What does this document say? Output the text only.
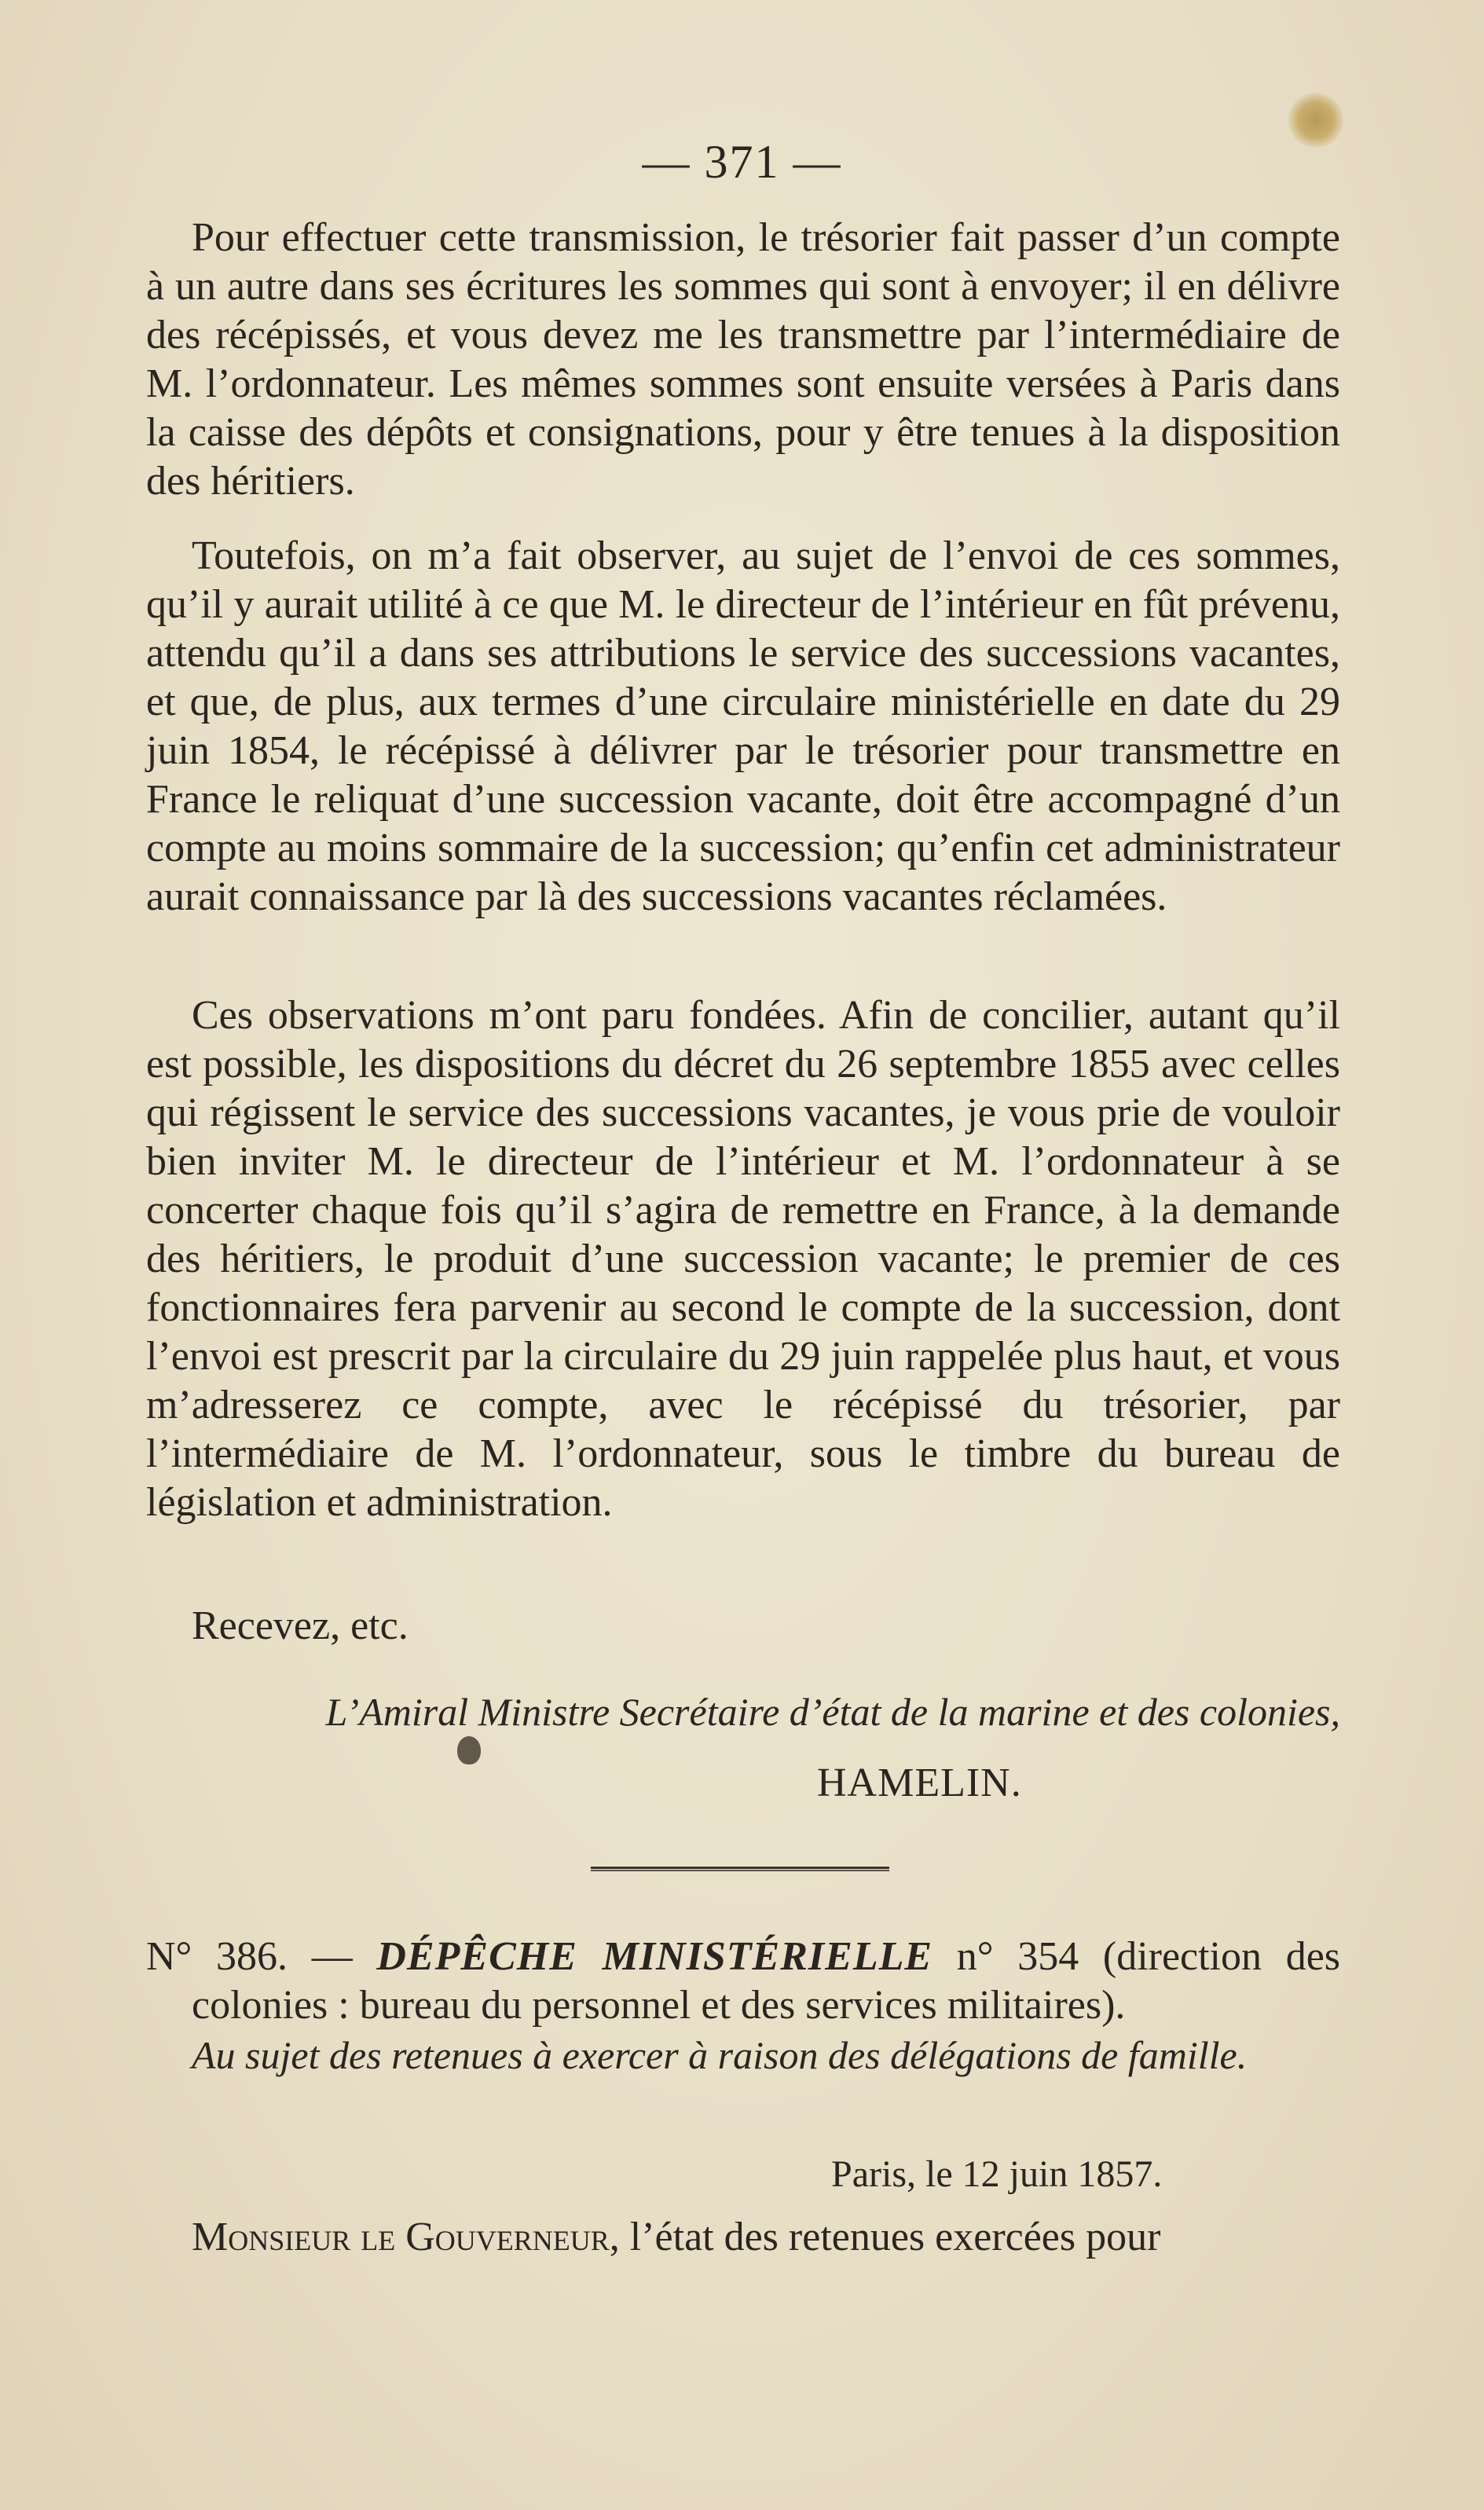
— 371 —

Pour effectuer cette transmission, le trésorier fait passer d’un compte à un autre dans ses écritures les sommes qui sont à envoyer; il en délivre des récépissés, et vous devez me les transmettre par l’intermédiaire de M. l’ordonnateur. Les mêmes sommes sont ensuite versées à Paris dans la caisse des dépôts et consignations, pour y être tenues à la disposition des héritiers.

Toutefois, on m’a fait observer, au sujet de l’envoi de ces sommes, qu’il y aurait utilité à ce que M. le directeur de l’intérieur en fût prévenu, attendu qu’il a dans ses attributions le service des successions vacantes, et que, de plus, aux termes d’une circulaire ministérielle en date du 29 juin 1854, le récépissé à délivrer par le trésorier pour transmettre en France le reliquat d’une succession vacante, doit être accompagné d’un compte au moins sommaire de la succession; qu’enfin cet administrateur aurait connaissance par là des successions vacantes réclamées.

Ces observations m’ont paru fondées. Afin de concilier, autant qu’il est possible, les dispositions du décret du 26 septembre 1855 avec celles qui régissent le service des successions vacantes, je vous prie de vouloir bien inviter M. le directeur de l’intérieur et M. l’ordonnateur à se concerter chaque fois qu’il s’agira de remettre en France, à la demande des héritiers, le produit d’une succession vacante; le premier de ces fonctionnaires fera parvenir au second le compte de la succession, dont l’envoi est prescrit par la circulaire du 29 juin rappelée plus haut, et vous m’adresserez ce compte, avec le récépissé du trésorier, par l’intermédiaire de M. l’ordonnateur, sous le timbre du bureau de législation et administration.

Recevez, etc.
L’Amiral Ministre Secrétaire d’état de la marine et des colonies,
HAMELIN.
N° 386. — DÉPÊCHE MINISTÉRIELLE n° 354 (direction des colonies : bureau du personnel et des services militaires).
Au sujet des retenues à exercer à raison des délégations de famille.
Paris, le 12 juin 1857.
Monsieur le Gouverneur, l’état des retenues exercées pour
